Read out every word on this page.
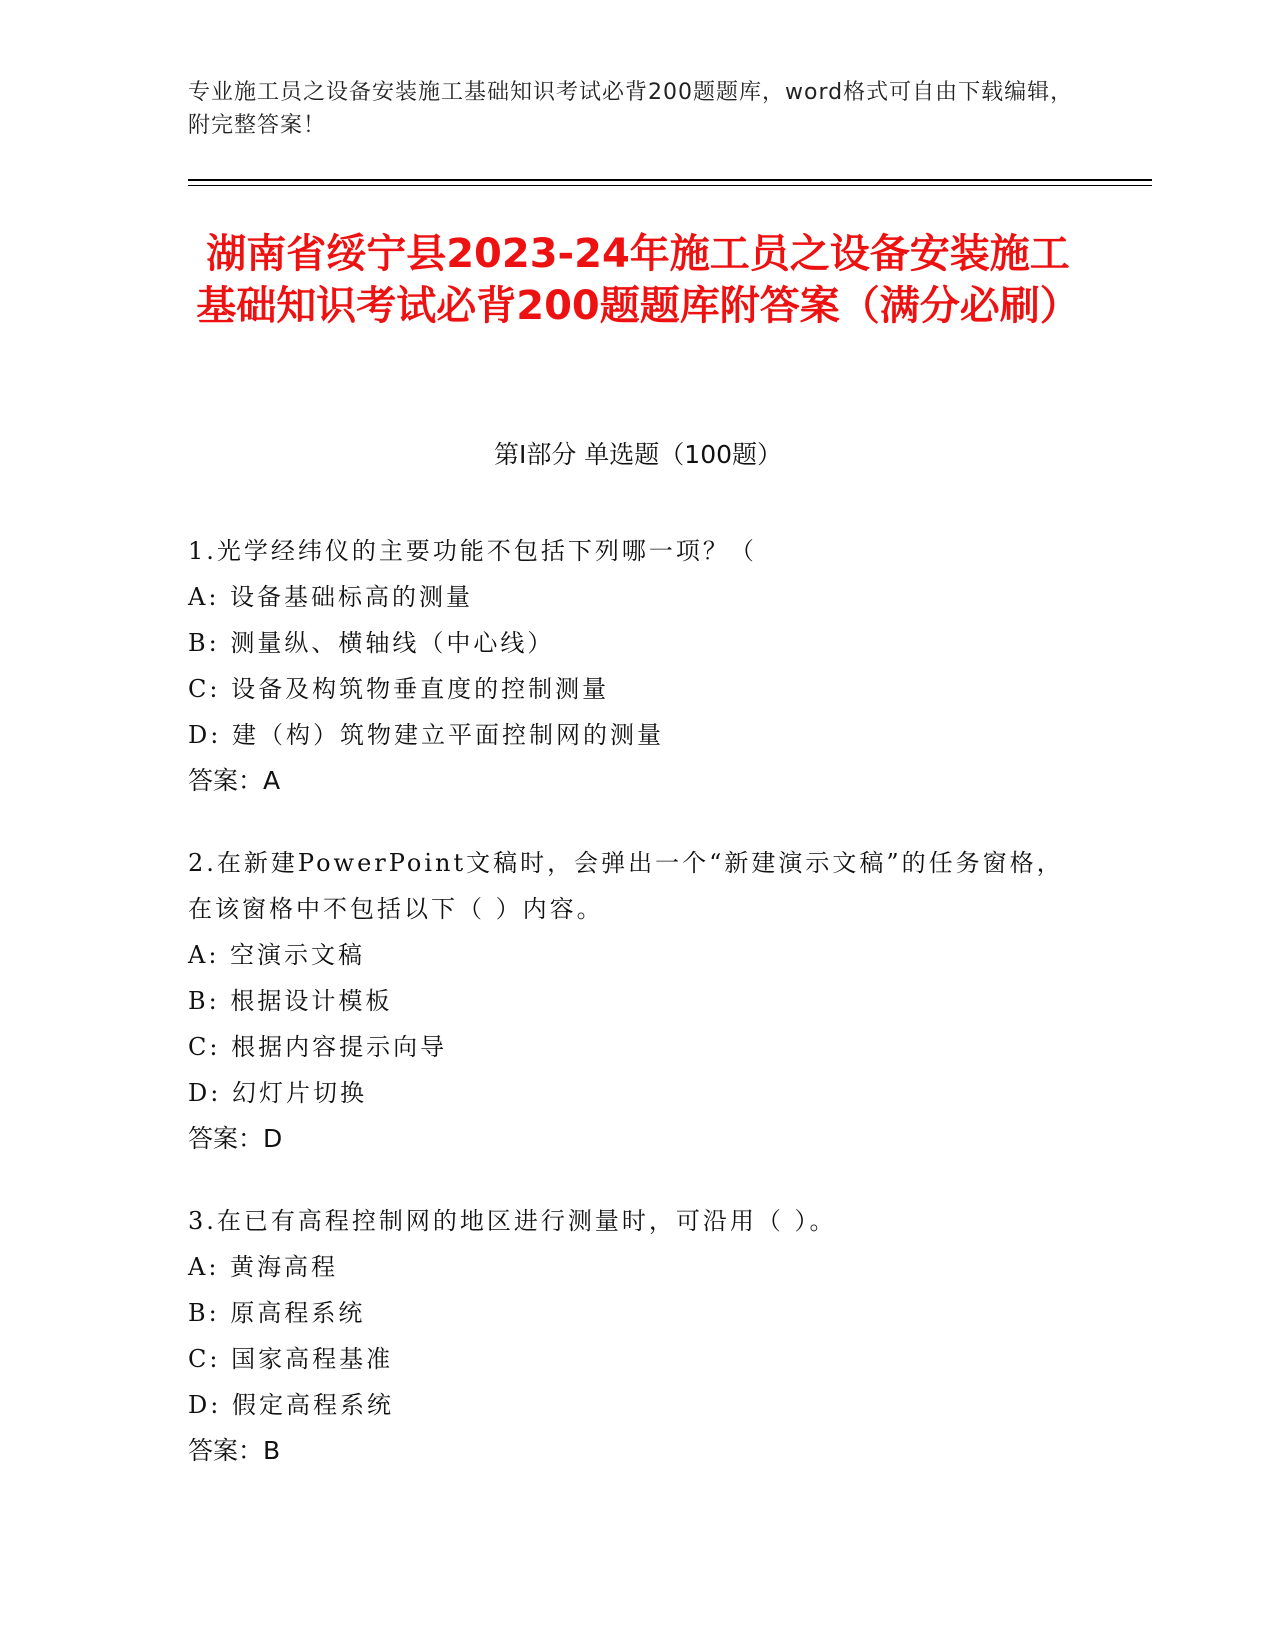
专业施工员之设备安装施工基础知识考试必背200题题库，word格式可自由下载编辑，附完整答案！
湖南省绥宁县2023-24年施工员之设备安装施工基础知识考试必背200题题库附答案（满分必刷）
第I部分 单选题（100题）

1.光学经纬仪的主要功能不包括下列哪一项？（

A: 设备基础标高的测量

B: 测量纵、横轴线（中心线）

C: 设备及构筑物垂直度的控制测量

D: 建（构）筑物建立平面控制网的测量

答案：A

2.在新建PowerPoint文稿时，会弹出一个“新建演示文稿”的任务窗格，在该窗格中不包括以下（ ）内容。

A: 空演示文稿

B: 根据设计模板

C: 根据内容提示向导

D: 幻灯片切换

答案：D

3.在已有高程控制网的地区进行测量时，可沿用（ ）。

A: 黄海高程

B: 原高程系统

C: 国家高程基准

D: 假定高程系统

答案：B
